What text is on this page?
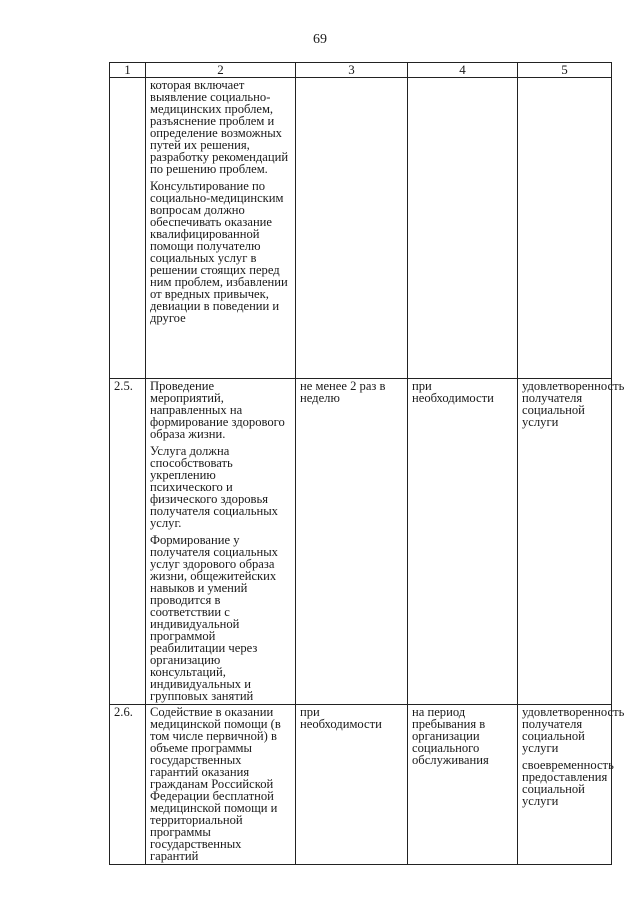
69
1	2	3	4	5

	которая включает выявление социально-медицинских проблем, разъяснение проблем и определение возможных путей их решения, разработку рекомендаций по решению проблем.

Консультирование по социально-медицинским вопросам должно обеспечивать оказание квалифицированной помощи получателю социальных услуг в решении стоящих перед ним проблем, избавлении от вредных привычек, девиации в поведении и другое			

2.5.	Проведение мероприятий, направленных на формирование здорового образа жизни.

Услуга должна способствовать укреплению психического и физического здоровья получателя социальных услуг.

Формирование у получателя социальных услуг здорового образа жизни, общежитейских навыков и умений проводится в соответствии с индивидуальной программой реабилитации через организацию консультаций, индивидуальных и групповых занятий	не менее 2 раз в неделю	при необходимости	удовлетворенность получателя социальной услуги

2.6.	Содействие в оказании медицинской помощи (в том числе первичной) в объеме программы государственных гарантий оказания гражданам Российской Федерации бесплатной медицинской помощи и территориальной программы государственных гарантий	при необходимости	на период пребывания в организации социального обслуживания	удовлетворенность получателя социальной услуги

своевременность предоставления социальной услуги
